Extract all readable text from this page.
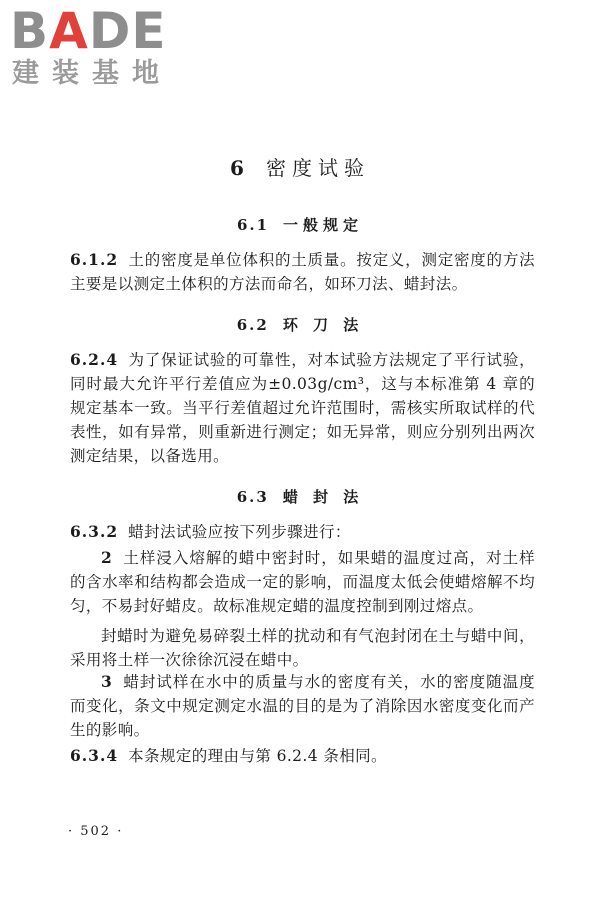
BADE
建装基地
6 密度试验
6.1 一般规定

6.1.2 土的密度是单位体积的土质量。按定义，测定密度的方法主要是以测定土体积的方法而命名，如环刀法、蜡封法。

6.2 环 刀 法

6.2.4 为了保证试验的可靠性，对本试验方法规定了平行试验，同时最大允许平行差值应为±0.03g/cm³，这与本标准第 4 章的规定基本一致。当平行差值超过允许范围时，需核实所取试样的代表性，如有异常，则重新进行测定；如无异常，则应分别列出两次测定结果，以备选用。

6.3 蜡 封 法

6.3.2 蜡封法试验应按下列步骤进行：

2 土样浸入熔解的蜡中密封时，如果蜡的温度过高，对土样的含水率和结构都会造成一定的影响，而温度太低会使蜡熔解不均匀，不易封好蜡皮。故标准规定蜡的温度控制到刚过熔点。

封蜡时为避免易碎裂土样的扰动和有气泡封闭在土与蜡中间，采用将土样一次徐徐沉浸在蜡中。

3 蜡封试样在水中的质量与水的密度有关，水的密度随温度而变化，条文中规定测定水温的目的是为了消除因水密度变化而产生的影响。

6.3.4 本条规定的理由与第 6.2.4 条相同。

· 502 ·
